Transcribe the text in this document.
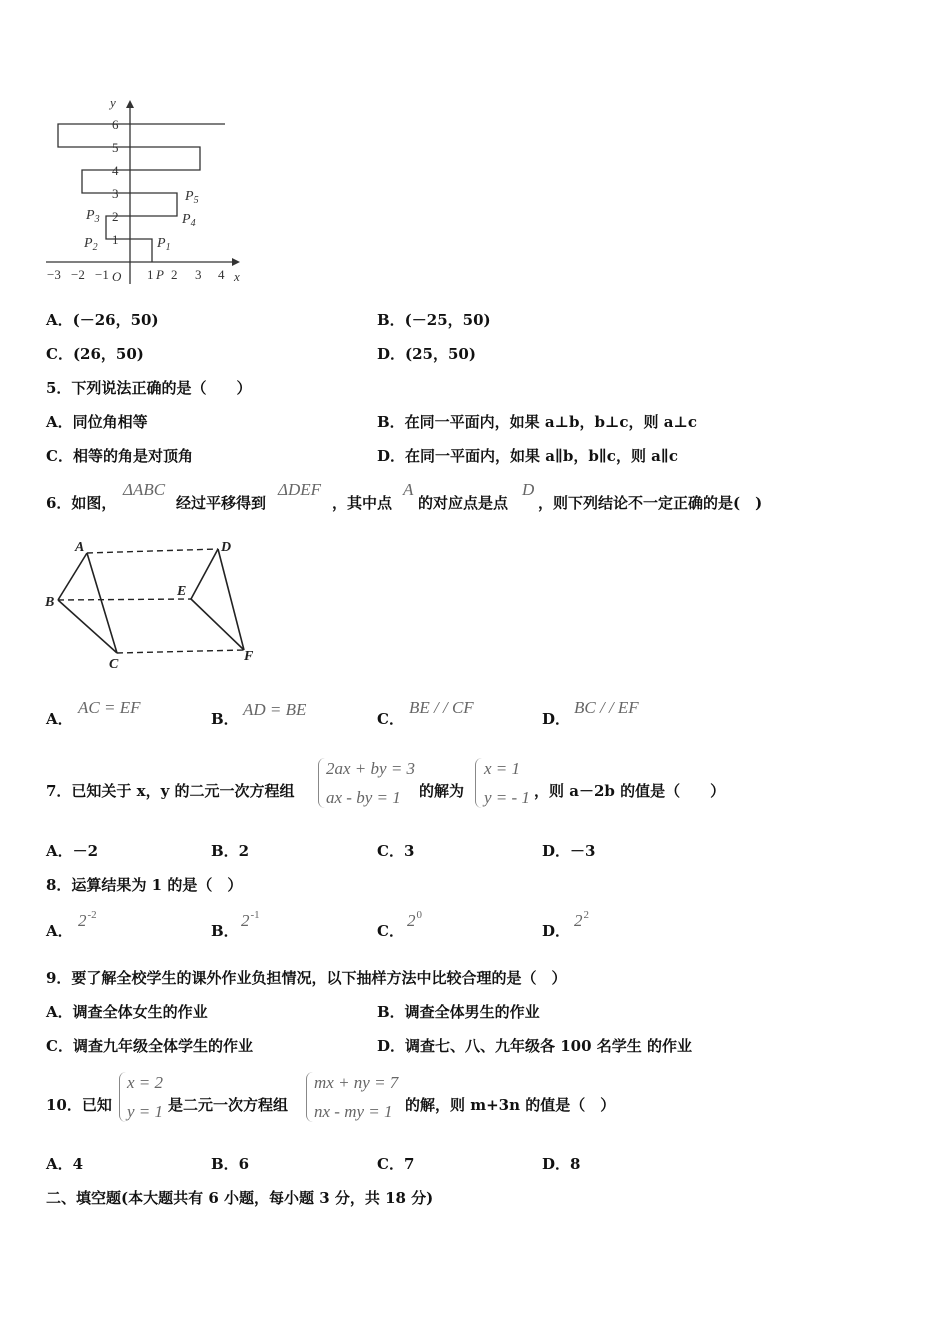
−3 −2 −1	1 2 3 4
O	P	x
y
1
2
3
4
5
6
$P_1$
$P_2$
$P_3$	$P_4$
$P_5$
A．(－26，50)	B．(－25，50)
C．(26，50)	D．(25，50)
5．下列说法正确的是（　　）
A．同位角相等	B．在同一平面内，如果 a⊥b，b⊥c，则 a⊥c
C．相等的角是对顶角	D．在同一平面内，如果 a∥b，b∥c，则 a∥c
6．如图，
ΔABC
经过平移得到
ΔDEF
，其中点
A
的对应点是点
D
，则下列结论不一定正确的是(　)
A
B
C
D
E
F
A．
AC = EF
B． AD = BE	C．
BE / / CF
D．
BC / / EF
7．已知关于 x，y 的二元一次方程组
2ax + by = 3
ax - by = 1 的解为
x = 1
y = - 1 ，则 a－2b 的值是（　　）
A．－2	B．2	C．3	D．－3
8．运算结果为 1 的是（　）
A．
$2^{-2}$
B．
$2^{-1}$
C．
$2^0$
D．
$2^2$
9．要了解全校学生的课外作业负担情况，以下抽样方法中比较合理的是（　）
A．调查全体女生的作业	B．调查全体男生的作业
C．调查九年级全体学生的作业	D．调查七、八、九年级各 100 名学生 的作业
10．已知
x = 2
y = 1 是二元一次方程组
mx + ny = 7
nx - my = 1 的解，则 m+3n 的值是（　）
A．4	B．6	C．7	D．8
二、填空题(本大题共有 6 小题，每小题 3 分，共 18 分)
